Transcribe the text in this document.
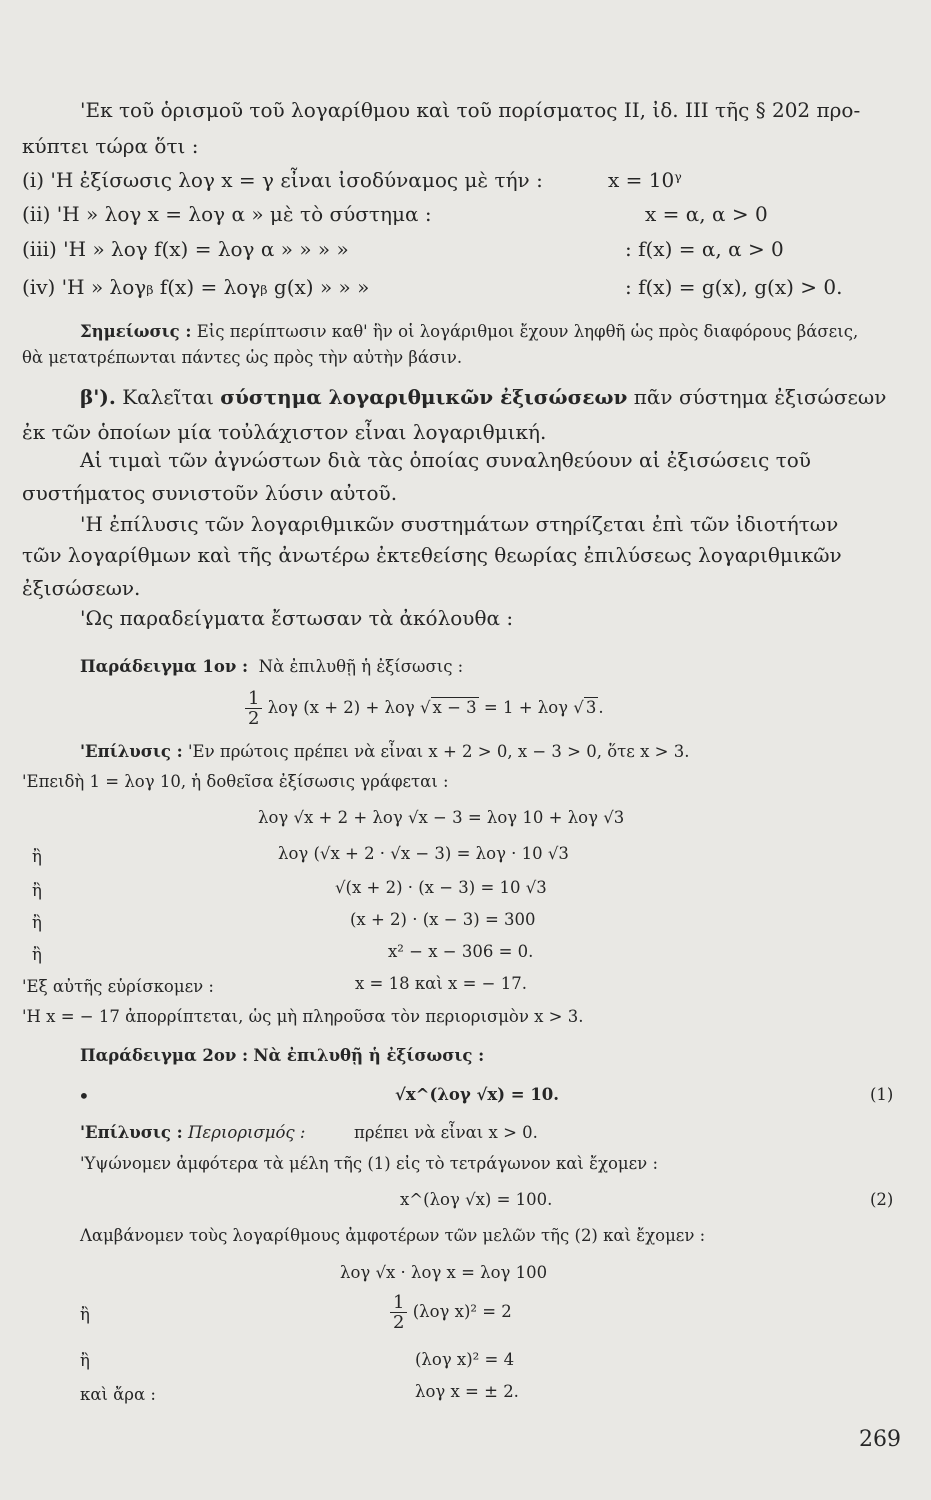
'Εκ τοῦ ὁρισμοῦ τοῦ λογαρίθμου καὶ τοῦ πορίσματος ΙΙ, ἰδ. ΙΙΙ τῆς § 202 προ-
κύπτει τώρα ὅτι :
(i) 'Η ἐξίσωσις λογ x = γ εἶναι ἰσοδύναμος μὲ τήν :	x = 10ᵞ
(ii) 'Η » λογ x = λογ α » μὲ τὸ σύστημα :	x = α, α > 0
(iii) 'Η » λογ f(x) = λογ α » » » »	: f(x) = α, α > 0
(iv) 'Η » λογᵦ f(x) = λογᵦ g(x) » » »	: f(x) = g(x), g(x) > 0.
Σημείωσις : Εἰς περίπτωσιν καθ' ἣν οἱ λογάριθμοι ἔχουν ληφθῆ ὡς πρὸς διαφόρους βάσεις,
θὰ μετατρέπωνται πάντες ὡς πρὸς τὴν αὐτὴν βάσιν.
β'). Καλεῖται σύστημα λογαριθμικῶν ἐξισώσεων πᾶν σύστημα ἐξισώσεων
ἐκ τῶν ὁποίων μία τοὐλάχιστον εἶναι λογαριθμική.
Αἱ τιμαὶ τῶν ἀγνώστων διὰ τὰς ὁποίας συναληθεύουν αἱ ἐξισώσεις τοῦ
συστήματος συνιστοῦν λύσιν αὐτοῦ.
'Η ἐπίλυσις τῶν λογαριθμικῶν συστημάτων στηρίζεται ἐπὶ τῶν ἰδιοτήτων
τῶν λογαρίθμων καὶ τῆς ἀνωτέρω ἐκτεθείσης θεωρίας ἐπιλύσεως λογαριθμικῶν
ἐξισώσεων.
'Ως παραδείγματα ἔστωσαν τὰ ἀκόλουθα :
Παράδειγμα 1ον : Νὰ ἐπιλυθῇ ἡ ἐξίσωσις :
$\frac{1}{2}$ λογ (x + 2) + λογ √ x − 3 = 1 + λογ √ 3 .
'Επίλυσις : 'Εν πρώτοις πρέπει νὰ εἶναι x + 2 > 0, x − 3 > 0, ὅτε x > 3.
'Επειδὴ 1 = λογ 10, ἡ δοθεῖσα ἐξίσωσις γράφεται :
λογ √x + 2 + λογ √x − 3 = λογ 10 + λογ √3
ἢ	λογ (√x + 2 · √x − 3) = λογ · 10 √3
ἢ	√(x + 2) · (x − 3) = 10 √3
ἢ	(x + 2) · (x − 3) = 300
ἢ	x² − x − 306 = 0.
'Εξ αὐτῆς εὑρίσκομεν :	x = 18 καὶ x = − 17.
'Η x = − 17 ἀπορρίπτεται, ὡς μὴ πληροῦσα τὸν περιορισμὸν x > 3.
Παράδειγμα 2ον : Νὰ ἐπιλυθῇ ἡ ἐξίσωσις :
•	√x^(λογ √x) = 10.	(1)
'Επίλυσις : Περιορισμός :	πρέπει νὰ εἶναι x > 0.
'Υψώνομεν ἀμφότερα τὰ μέλη τῆς (1) εἰς τὸ τετράγωνον καὶ ἔχομεν :
x^(λογ √x) = 100.	(2)
Λαμβάνομεν τοὺς λογαρίθμους ἀμφοτέρων τῶν μελῶν τῆς (2) καὶ ἔχομεν :
λογ √x · λογ x = λογ 100
ἢ	$\frac{1}{2} (\lambda o\gamma$ x)² = 2
ἢ	(λογ x)² = 4
καὶ ἄρα :	λογ x = ± 2.
269
